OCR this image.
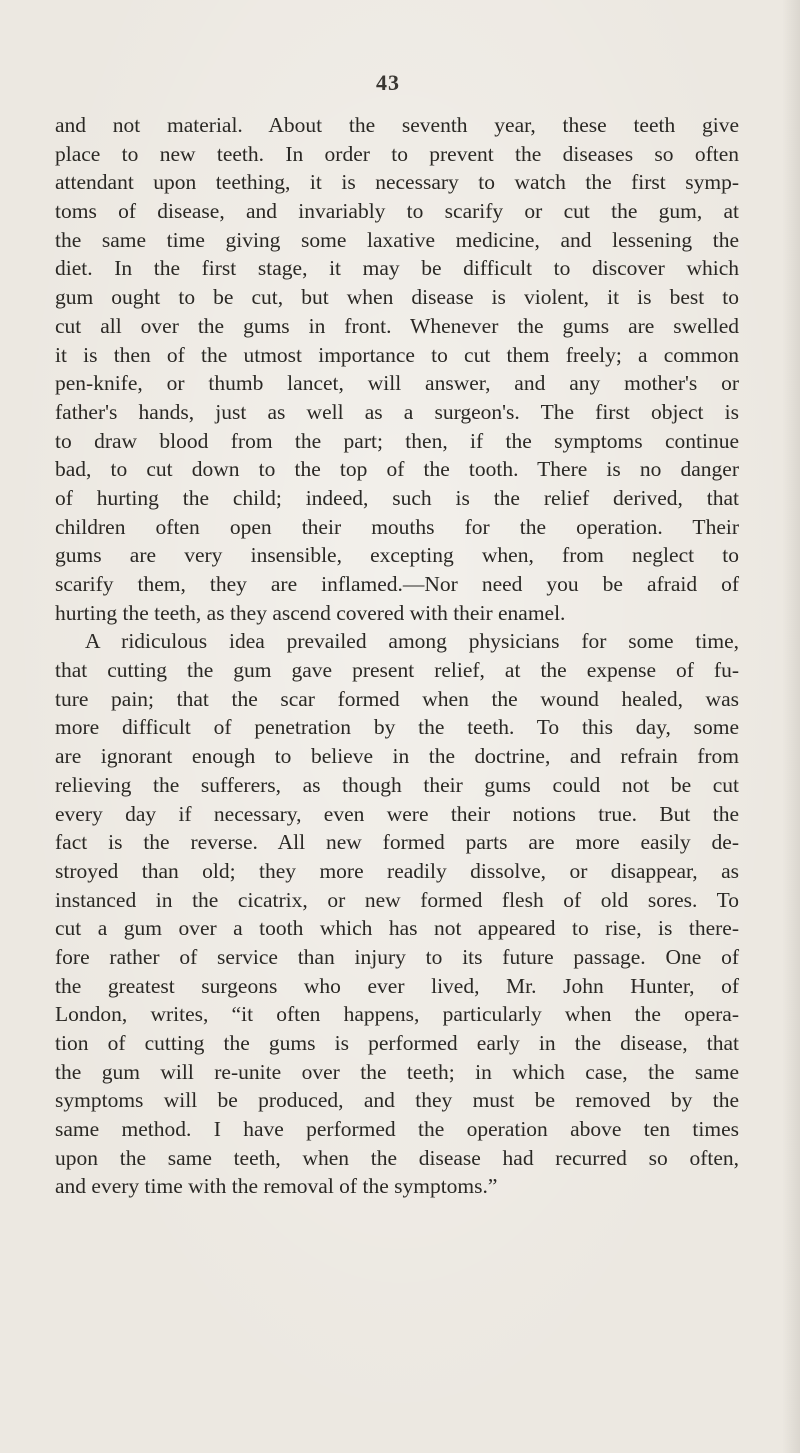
43
and not material. About the seventh year, these teeth give
place to new teeth. In order to prevent the diseases so often
attendant upon teething, it is necessary to watch the first symp-
toms of disease, and invariably to scarify or cut the gum, at
the same time giving some laxative medicine, and lessening the
diet. In the first stage, it may be difficult to discover which
gum ought to be cut, but when disease is violent, it is best to
cut all over the gums in front. Whenever the gums are swelled
it is then of the utmost importance to cut them freely; a common
pen-knife, or thumb lancet, will answer, and any mother's or
father's hands, just as well as a surgeon's. The first object is
to draw blood from the part; then, if the symptoms continue
bad, to cut down to the top of the tooth. There is no danger
of hurting the child; indeed, such is the relief derived, that
children often open their mouths for the operation. Their
gums are very insensible, excepting when, from neglect to
scarify them, they are inflamed.—Nor need you be afraid of
hurting the teeth, as they ascend covered with their enamel.
A ridiculous idea prevailed among physicians for some time,
that cutting the gum gave present relief, at the expense of fu-
ture pain; that the scar formed when the wound healed, was
more difficult of penetration by the teeth. To this day, some
are ignorant enough to believe in the doctrine, and refrain from
relieving the sufferers, as though their gums could not be cut
every day if necessary, even were their notions true. But the
fact is the reverse. All new formed parts are more easily de-
stroyed than old; they more readily dissolve, or disappear, as
instanced in the cicatrix, or new formed flesh of old sores. To
cut a gum over a tooth which has not appeared to rise, is there-
fore rather of service than injury to its future passage. One of
the greatest surgeons who ever lived, Mr. John Hunter, of
London, writes, “it often happens, particularly when the opera-
tion of cutting the gums is performed early in the disease, that
the gum will re-unite over the teeth; in which case, the same
symptoms will be produced, and they must be removed by the
same method. I have performed the operation above ten times
upon the same teeth, when the disease had recurred so often,
and every time with the removal of the symptoms.”
